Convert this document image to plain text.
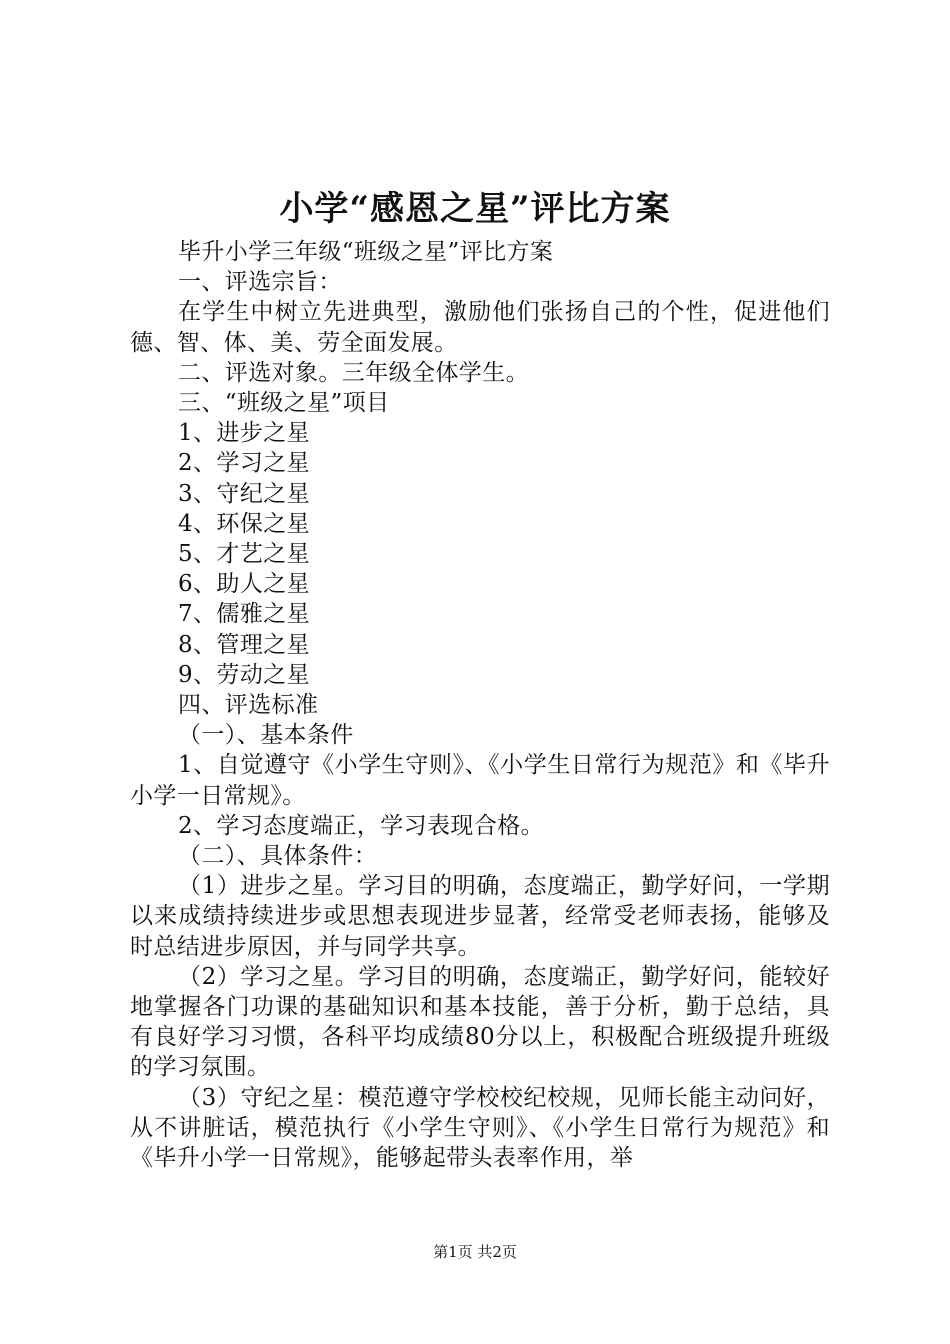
小学“感恩之星”评比方案

毕升小学三年级“班级之星”评比方案

一、评选宗旨：

在学生中树立先进典型，激励他们张扬自己的个性，促进他们德、智、体、美、劳全面发展。

二、评选对象。三年级全体学生。

三、“班级之星”项目

1、进步之星

2、学习之星

3、守纪之星

4、环保之星

5、才艺之星

6、助人之星

7、儒雅之星

8、管理之星

9、劳动之星

四、评选标准

（一）、基本条件

1、自觉遵守《小学生守则》、《小学生日常行为规范》和《毕升小学一日常规》。

2、学习态度端正，学习表现合格。

（二）、具体条件：

（1）进步之星。学习目的明确，态度端正，勤学好问，一学期以来成绩持续进步或思想表现进步显著，经常受老师表扬，能够及时总结进步原因，并与同学共享。

（2）学习之星。学习目的明确，态度端正，勤学好问，能较好地掌握各门功课的基础知识和基本技能，善于分析，勤于总结，具有良好学习习惯，各科平均成绩80分以上，积极配合班级提升班级的学习氛围。

（3）守纪之星：模范遵守学校校纪校规，见师长能主动问好，从不讲脏话，模范执行《小学生守则》、《小学生日常行为规范》和《毕升小学一日常规》，能够起带头表率作用，举

第1页 共2页
